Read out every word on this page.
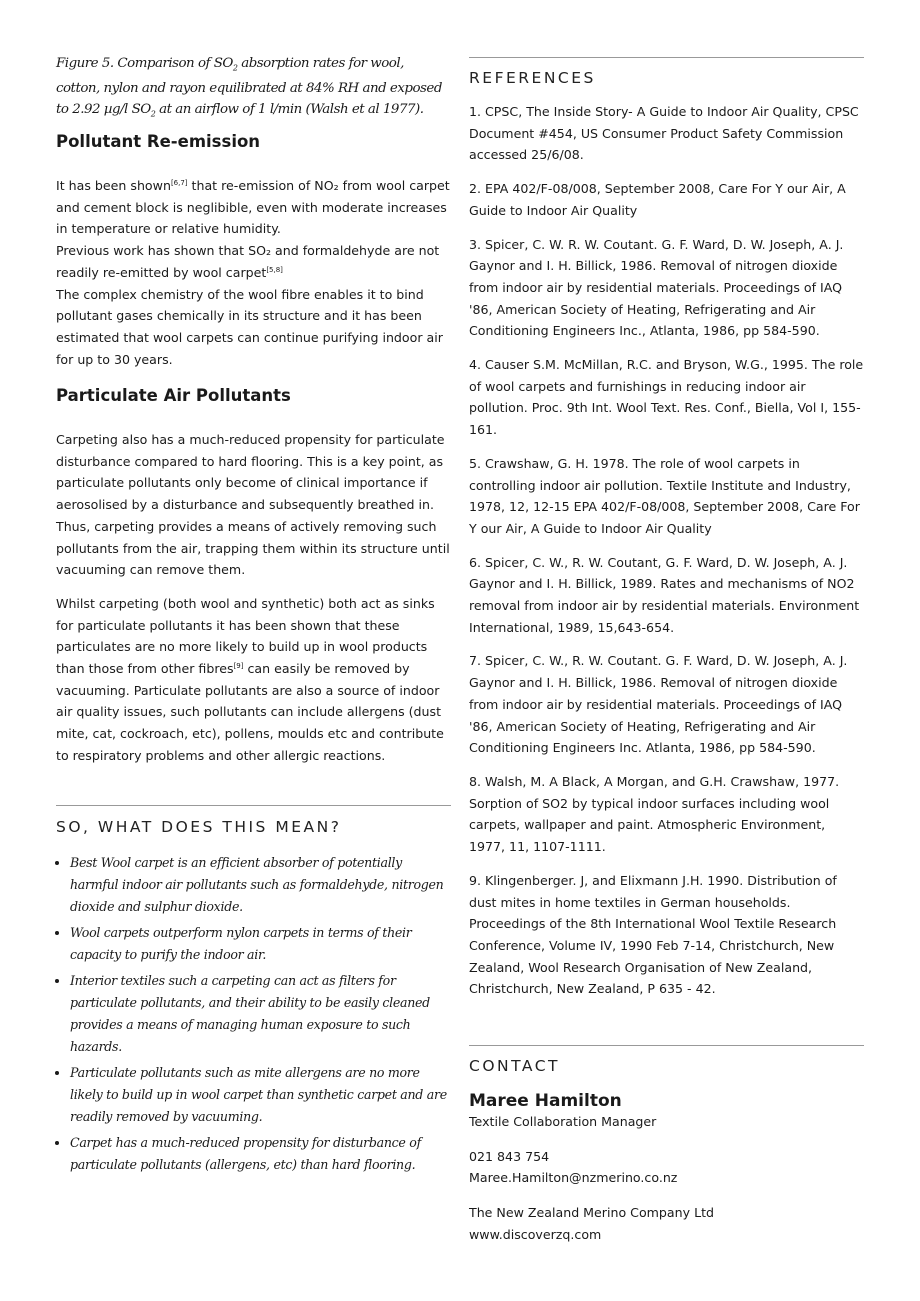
Figure 5. Comparison of $SO_2$ absorption rates for wool, cotton, nylon and rayon equilibrated at 84% RH and exposed to 2.92 µg/l $SO_2$ at an airflow of 1 l/min (Walsh et al 1977).
Pollutant Re-emission

It has been shown[6,7] that re-emission of NO₂ from wool carpet and cement block is neglibible, even with moderate increases in temperature or relative humidity.
Previous work has shown that SO₂ and formaldehyde are not readily re-emitted by wool carpet[5,8]
The complex chemistry of the wool fibre enables it to bind pollutant gases chemically in its structure and it has been estimated that wool carpets can continue purifying indoor air for up to 30 years.

Particulate Air Pollutants

Carpeting also has a much-reduced propensity for particulate disturbance compared to hard flooring. This is a key point, as particulate pollutants only become of clinical importance if aerosolised by a disturbance and subsequently breathed in. Thus, carpeting provides a means of actively removing such pollutants from the air, trapping them within its structure until vacuuming can remove them.

Whilst carpeting (both wool and synthetic) both act as sinks for particulate pollutants it has been shown that these particulates are no more likely to build up in wool products than those from other fibres[9] can easily be removed by vacuuming. Particulate pollutants are also a source of indoor air quality issues, such pollutants can include allergens (dust mite, cat, cockroach, etc), pollens, moulds etc and contribute to respiratory problems and other allergic reactions.

SO, WHAT DOES THIS MEAN?
• Best Wool carpet is an efficient absorber of potentially harmful indoor air pollutants such as formaldehyde, nitrogen dioxide and sulphur dioxide.
• Wool carpets outperform nylon carpets in terms of their capacity to purify the indoor air.
• Interior textiles such a carpeting can act as filters for particulate pollutants, and their ability to be easily cleaned provides a means of managing human exposure to such hazards.
• Particulate pollutants such as mite allergens are no more likely to build up in wool carpet than synthetic carpet and are readily removed by vacuuming.
• Carpet has a much-reduced propensity for disturbance of particulate pollutants (allergens, etc) than hard flooring.
REFERENCES

1. CPSC, The Inside Story- A Guide to Indoor Air Quality, CPSC Document #454, US Consumer Product Safety Commission accessed 25/6/08.

2. EPA 402/F-08/008, September 2008, Care For Y our Air, A Guide to Indoor Air Quality

3. Spicer, C. W. R. W. Coutant. G. F. Ward, D. W. Joseph, A. J. Gaynor and I. H. Billick, 1986. Removal of nitrogen dioxide from indoor air by residential materials. Proceedings of IAQ '86, American Society of Heating, Refrigerating and Air Conditioning Engineers Inc., Atlanta, 1986, pp 584-590.

4. Causer S.M. McMillan, R.C. and Bryson, W.G., 1995. The role of wool carpets and furnishings in reducing indoor air pollution. Proc. 9th Int. Wool Text. Res. Conf., Biella, Vol I, 155-161.

5. Crawshaw, G. H. 1978. The role of wool carpets in controlling indoor air pollution. Textile Institute and Industry, 1978, 12, 12-15 EPA 402/F-08/008, September 2008, Care For Y our Air, A Guide to Indoor Air Quality

6. Spicer, C. W., R. W. Coutant, G. F. Ward, D. W. Joseph, A. J. Gaynor and I. H. Billick, 1989. Rates and mechanisms of NO2 removal from indoor air by residential materials. Environment International, 1989, 15,643-654.

7. Spicer, C. W., R. W. Coutant. G. F. Ward, D. W. Joseph, A. J. Gaynor and I. H. Billick, 1986. Removal of nitrogen dioxide from indoor air by residential materials. Proceedings of IAQ '86, American Society of Heating, Refrigerating and Air Conditioning Engineers Inc. Atlanta, 1986, pp 584-590.

8. Walsh, M. A Black, A Morgan, and G.H. Crawshaw, 1977. Sorption of SO2 by typical indoor surfaces including wool carpets, wallpaper and paint. Atmospheric Environment, 1977, 11, 1107-1111.

9. Klingenberger. J, and Elixmann J.H. 1990. Distribution of dust mites in home textiles in German households. Proceedings of the 8th International Wool Textile Research Conference, Volume IV, 1990 Feb 7-14, Christchurch, New Zealand, Wool Research Organisation of New Zealand, Christchurch, New Zealand, P 635 - 42.

CONTACT
Maree Hamilton

Textile Collaboration Manager

021 843 754

Maree.Hamilton@nzmerino.co.nz

The New Zealand Merino Company Ltd

www.discoverzq.com
